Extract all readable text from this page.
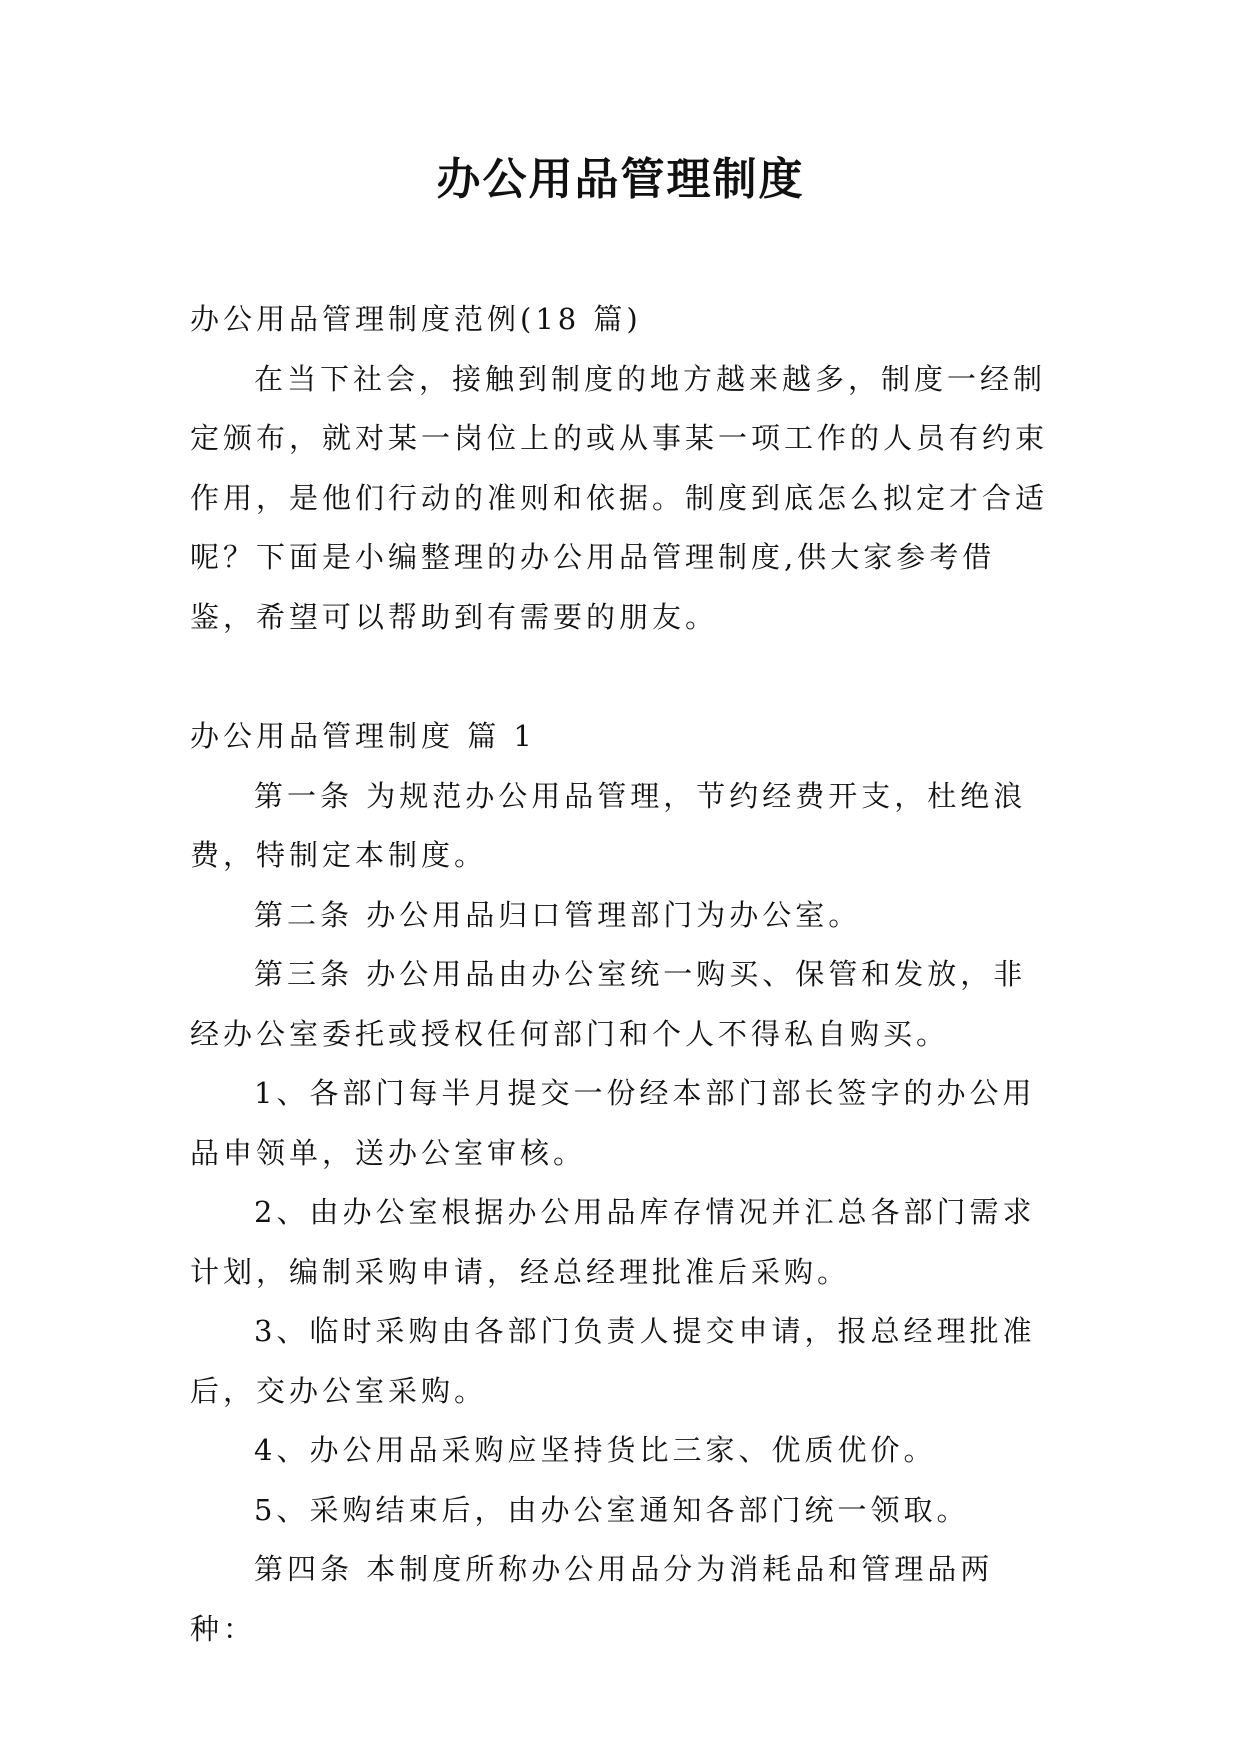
办公用品管理制度

办公用品管理制度范例(18 篇)

在当下社会，接触到制度的地方越来越多，制度一经制定颁布，就对某一岗位上的或从事某一项工作的人员有约束作用，是他们行动的准则和依据。制度到底怎么拟定才合适呢？下面是小编整理的办公用品管理制度,供大家参考借鉴，希望可以帮助到有需要的朋友。

办公用品管理制度 篇 1

第一条 为规范办公用品管理，节约经费开支，杜绝浪费，特制定本制度。

第二条 办公用品归口管理部门为办公室。

第三条 办公用品由办公室统一购买、保管和发放，非经办公室委托或授权任何部门和个人不得私自购买。

1、各部门每半月提交一份经本部门部长签字的办公用品申领单，送办公室审核。

2、由办公室根据办公用品库存情况并汇总各部门需求计划，编制采购申请，经总经理批准后采购。

3、临时采购由各部门负责人提交申请，报总经理批准后，交办公室采购。

4、办公用品采购应坚持货比三家、优质优价。

5、采购结束后，由办公室通知各部门统一领取。

第四条 本制度所称办公用品分为消耗品和管理品两种：
